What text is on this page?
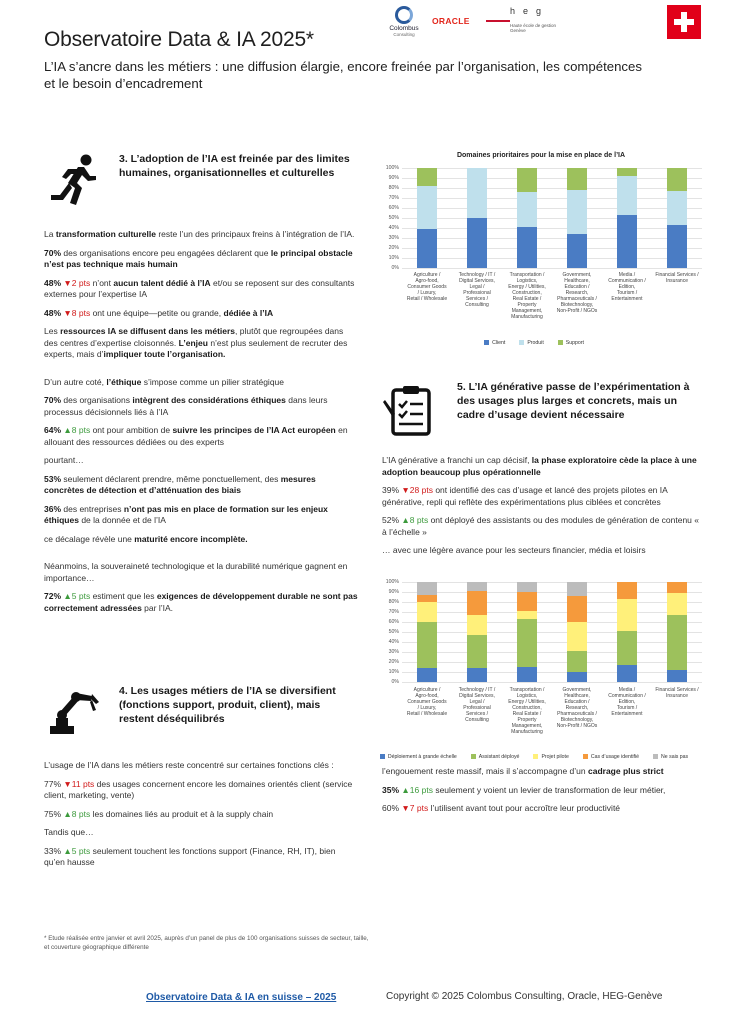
Observatoire Data & IA 2025*
L’IA s’ancre dans les métiers : une diffusion élargie, encore freinée par l’organisation, les compétences et le besoin d’encadrement
Colombus
Consulting
ORACLE
heg
Haute école de gestion Genève
3. L’adoption de l’IA est freinée par des limites humaines, organisationnelles et culturelles

La transformation culturelle reste l’un des principaux freins à l’intégration de l’IA.

70% des organisations encore peu engagées déclarent que le principal obstacle n’est pas technique mais humain

48% ▼2 pts n’ont aucun talent dédié à l’IA et/ou se reposent sur des consultants externes pour l’expertise IA

48% ▼8 pts ont une équipe—petite ou grande, dédiée à l’IA

Les ressources IA se diffusent dans les métiers, plutôt que regroupées dans des centres d’expertise cloisonnés. L’enjeu n’est plus seulement de recruter des experts, mais d’impliquer toute l’organisation.

D’un autre coté, l’éthique s’impose comme un pilier stratégique

70% des organisations intègrent des considérations éthiques dans leurs processus décisionnels liés à l’IA

64% ▲8 pts ont pour ambition de suivre les principes de l’IA Act européen en allouant des ressources dédiées ou des experts

pourtant…

53% seulement déclarent prendre, même ponctuellement, des mesures concrètes de détection et d’atténuation des biais

36% des entreprises n’ont pas mis en place de formation sur les enjeux éthiques de la donnée et de l’IA

ce décalage révèle une maturité encore incomplète.

Néanmoins, la souveraineté technologique et la durabilité numérique gagnent en importance…

72% ▲5 pts estiment que les exigences de développement durable ne sont pas correctement adressées par l’IA.

4. Les usages métiers de l’IA se diversifient (fonctions support, produit, client), mais restent déséquilibrés

L’usage de l’IA dans les métiers reste concentré sur certaines fonctions clés :

77% ▼11 pts des usages concernent encore les domaines orientés client (service client, marketing, vente)

75% ▲8 pts les domaines liés au produit et à la supply chain

Tandis que…

33% ▲5 pts seulement touchent les fonctions support (Finance, RH, IT), bien qu’en hausse

Domaines prioritaires pour la mise en place de l’IA
0%
10%
20%
30%
40%
50%
60%
70%
80%
90%
100%
Agriculture /
Agro-food,
Consumer Goods
/ Luxury,
Retail / Wholesale
Technology / IT /
Digital Services,
Legal /
Professional
Services /
Consulting
Transportation /
Logistics,
Energy / Utilities,
Construction,
Real Estate /
Property
Management,
Manufacturing
Government,
Healthcare,
Education /
Research,
Pharmaceuticals /
Biotechnology,
Non-Profit / NGOs
Media /
Communication /
Edition,
Tourism /
Entertainment
Financial Services /
Insurance
Client	Produit	Support
5. L’IA générative passe de l’expérimentation à des usages plus larges et concrets, mais un cadre d’usage devient nécessaire

L’IA générative a franchi un cap décisif, la phase exploratoire cède la place à une adoption beaucoup plus opérationnelle

39% ▼28 pts ont identifié des cas d’usage et lancé des projets pilotes en IA générative, repli qui reflète des expérimentations plus ciblées et concrètes

52% ▲8 pts ont déployé des assistants ou des modules de génération de contenu « à l’échelle »

… avec une légère avance pour les secteurs financier, média et loisirs

0%
10%
20%
30%
40%
50%
60%
70%
80%
90%
100%
Agriculture /
Agro-food,
Consumer Goods
/ Luxury,
Retail / Wholesale
Technology / IT /
Digital Services,
Legal /
Professional
Services /
Consulting
Transportation /
Logistics,
Energy / Utilities,
Construction,
Real Estate /
Property
Management,
Manufacturing
Government,
Healthcare,
Education /
Research,
Pharmaceuticals /
Biotechnology,
Non-Profit / NGOs
Media /
Communication /
Edition,
Tourism /
Entertainment
Financial Services /
Insurance
Déploiement à grande échelle	Assistant déployé	Projet pilote	Cas d’usage identifié	Ne sais pas

l’engouement reste massif, mais il s’accompagne d’un cadrage plus strict

35% ▲16 pts seulement y voient un levier de transformation de leur métier,

60% ▼7 pts l’utilisent avant tout pour accroître leur productivité

* Etude réalisée entre janvier et avril 2025, auprès d’un panel de plus de 100 organisations suisses de secteur, taille, et couverture géographique différente
Observatoire Data & IA en suisse – 2025	Copyright © 2025 Colombus Consulting, Oracle, HEG-Genève
